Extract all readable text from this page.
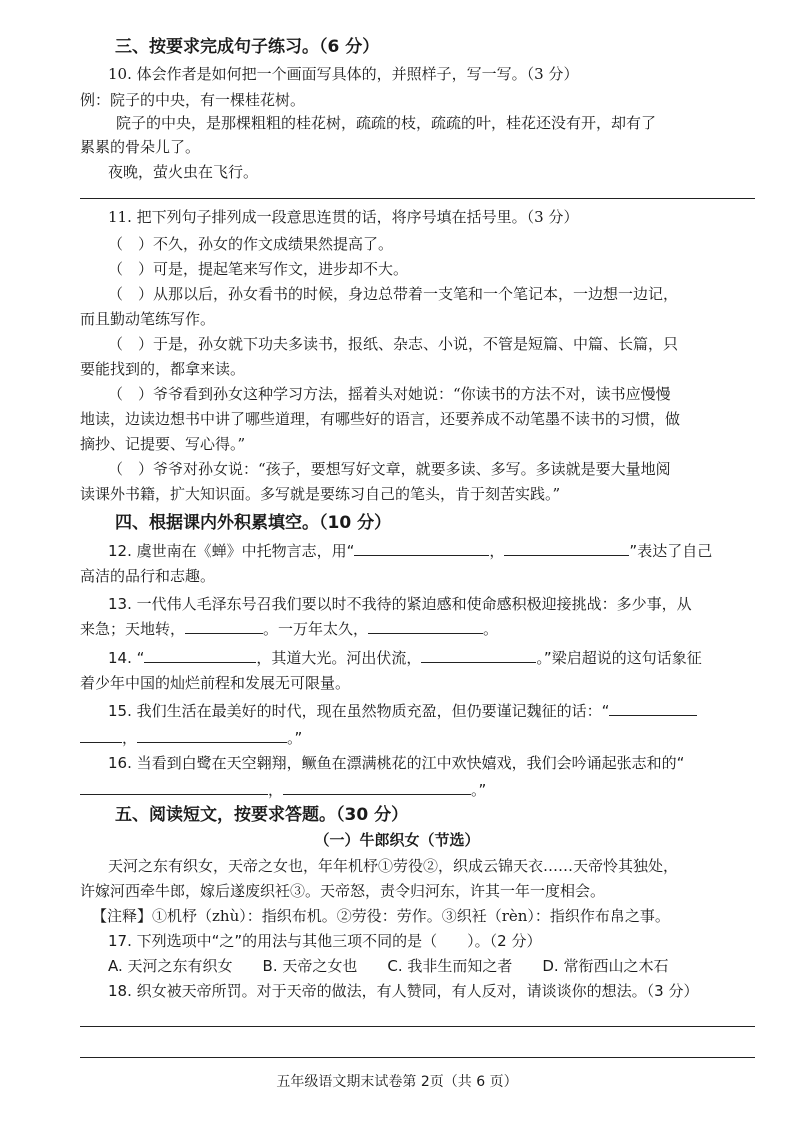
三、按要求完成句子练习。（6 分）
10. 体会作者是如何把一个画面写具体的，并照样子，写一写。（3 分）
例：院子的中央，有一棵桂花树。
院子的中央，是那棵粗粗的桂花树，疏疏的枝，疏疏的叶，桂花还没有开，却有了
累累的骨朵儿了。
夜晚，萤火虫在飞行。
11. 把下列句子排列成一段意思连贯的话，将序号填在括号里。（3 分）
（　）不久，孙女的作文成绩果然提高了。
（　）可是，提起笔来写作文，进步却不大。
（　）从那以后，孙女看书的时候，身边总带着一支笔和一个笔记本，一边想一边记，
而且勤动笔练写作。
（　）于是，孙女就下功夫多读书，报纸、杂志、小说，不管是短篇、中篇、长篇，只
要能找到的，都拿来读。
（　）爷爷看到孙女这种学习方法，摇着头对她说：“你读书的方法不对，读书应慢慢
地读，边读边想书中讲了哪些道理，有哪些好的语言，还要养成不动笔墨不读书的习惯，做
摘抄、记提要、写心得。”
（　）爷爷对孙女说：“孩子，要想写好文章，就要多读、多写。多读就是要大量地阅
读课外书籍，扩大知识面。多写就是要练习自己的笔头，肯于刻苦实践。”
四、根据课内外积累填空。（10 分）
12. 虞世南在《蝉》中托物言志，用“	，	”表达了自己
高洁的品行和志趣。
13. 一代伟人毛泽东号召我们要以时不我待的紧迫感和使命感积极迎接挑战：多少事，从
来急；天地转，	。一万年太久，	。
14. “	，其道大光。河出伏流，	。”梁启超说的这句话象征
着少年中国的灿烂前程和发展无可限量。
15. 我们生活在最美好的时代，现在虽然物质充盈，但仍要谨记魏征的话：“
，	。”
16. 当看到白鹭在天空翱翔，鳜鱼在漂满桃花的江中欢快嬉戏，我们会吟诵起张志和的“
，	。”
五、阅读短文，按要求答题。（30 分）
（一）牛郎织女（节选）
天河之东有织女，天帝之女也，年年机杼①劳役②，织成云锦天衣……天帝怜其独处，
许嫁河西牵牛郎，嫁后遂废织衽③。天帝怒，责令归河东，许其一年一度相会。
【注释】①机杼（zhù）：指织布机。②劳役：劳作。③织衽（rèn）：指织作布帛之事。
17. 下列选项中“之”的用法与其他三项不同的是（　　）。（2 分）
A. 天河之东有织女　　B. 天帝之女也　　C. 我非生而知之者　　D. 常衔西山之木石
18. 织女被天帝所罚。对于天帝的做法，有人赞同，有人反对，请谈谈你的想法。（3 分）
五年级语文期末试卷第 2页（共 6 页）
